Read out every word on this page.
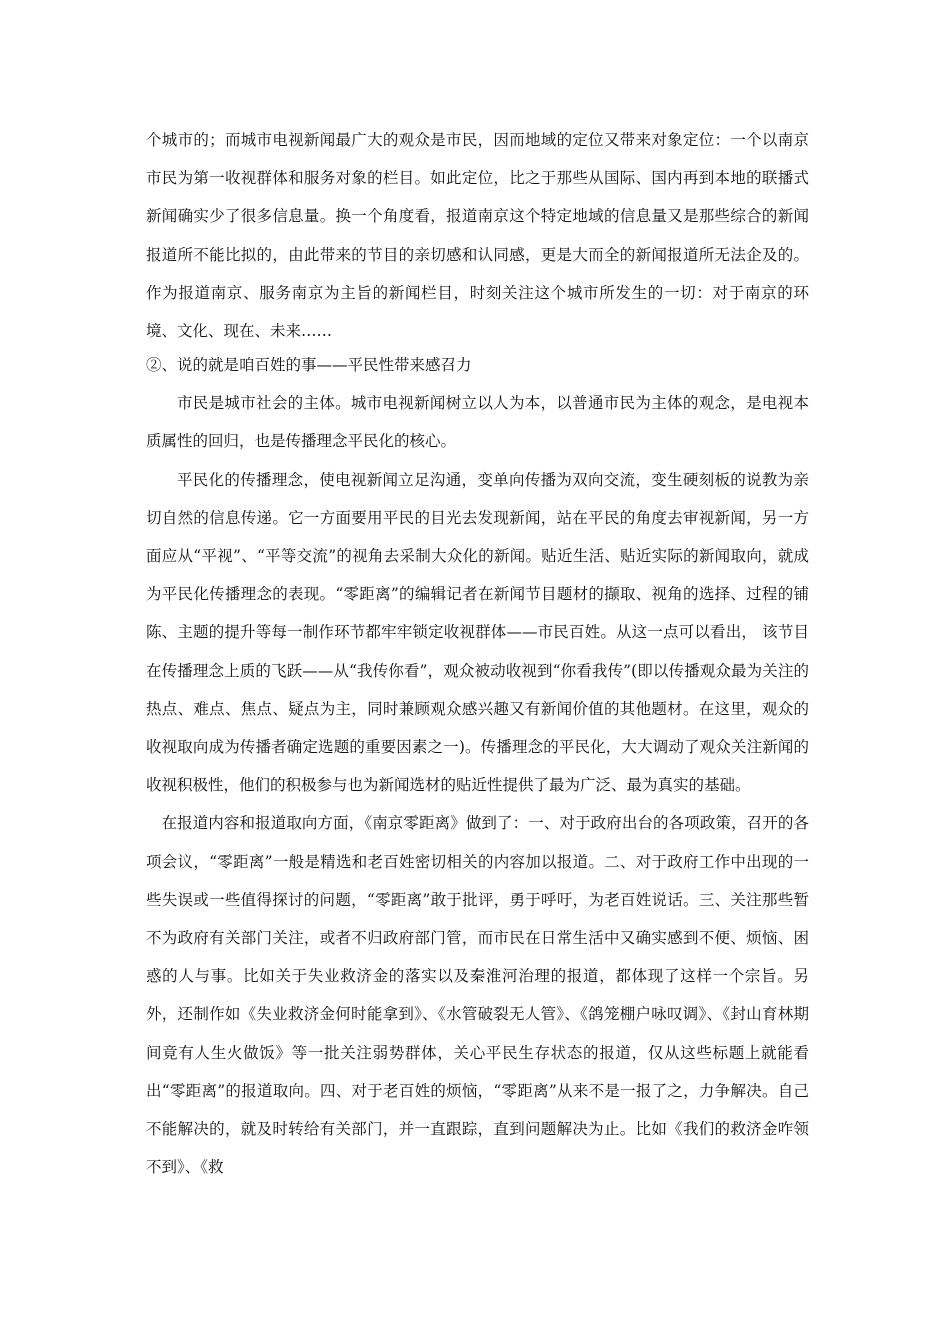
个城市的；而城市电视新闻最广大的观众是市民，因而地域的定位又带来对象定位：一个以南京市民为第一收视群体和服务对象的栏目。如此定位，比之于那些从国际、国内再到本地的联播式新闻确实少了很多信息量。换一个角度看，报道南京这个特定地域的信息量又是那些综合的新闻报道所不能比拟的，由此带来的节目的亲切感和认同感，更是大而全的新闻报道所无法企及的。作为报道南京、服务南京为主旨的新闻栏目，时刻关注这个城市所发生的一切：对于南京的环境、文化、现在、未来……

②、说的就是咱百姓的事——平民性带来感召力

市民是城市社会的主体。城市电视新闻树立以人为本，以普通市民为主体的观念，是电视本质属性的回归，也是传播理念平民化的核心。

平民化的传播理念，使电视新闻立足沟通，变单向传播为双向交流，变生硬刻板的说教为亲切自然的信息传递。它一方面要用平民的目光去发现新闻，站在平民的角度去审视新闻，另一方面应从“平视”、“平等交流”的视角去采制大众化的新闻。贴近生活、贴近实际的新闻取向，就成为平民化传播理念的表现。“零距离”的编辑记者在新闻节目题材的撷取、视角的选择、过程的铺陈、主题的提升等每一制作环节都牢牢锁定收视群体——市民百姓。从这一点可以看出， 该节目在传播理念上质的飞跃——从“我传你看”，观众被动收视到“你看我传”(即以传播观众最为关注的热点、难点、焦点、疑点为主，同时兼顾观众感兴趣又有新闻价值的其他题材。在这里，观众的收视取向成为传播者确定选题的重要因素之一)。传播理念的平民化，大大调动了观众关注新闻的收视积极性，他们的积极参与也为新闻选材的贴近性提供了最为广泛、最为真实的基础。

在报道内容和报道取向方面，《南京零距离》做到了：一、对于政府出台的各项政策，召开的各项会议，“零距离”一般是精选和老百姓密切相关的内容加以报道。二、对于政府工作中出现的一些失误或一些值得探讨的问题，“零距离”敢于批评，勇于呼吁，为老百姓说话。三、关注那些暂不为政府有关部门关注，或者不归政府部门管，而市民在日常生活中又确实感到不便、烦恼、困惑的人与事。比如关于失业救济金的落实以及秦淮河治理的报道，都体现了这样一个宗旨。另外，还制作如《失业救济金何时能拿到》、《水管破裂无人管》、《鸽笼棚户咏叹调》、《封山育林期间竟有人生火做饭》等一批关注弱势群体，关心平民生存状态的报道，仅从这些标题上就能看出“零距离”的报道取向。四、对于老百姓的烦恼，“零距离”从来不是一报了之，力争解决。自己不能解决的，就及时转给有关部门，并一直跟踪，直到问题解决为止。比如《我们的救济金咋领不到》、《救
